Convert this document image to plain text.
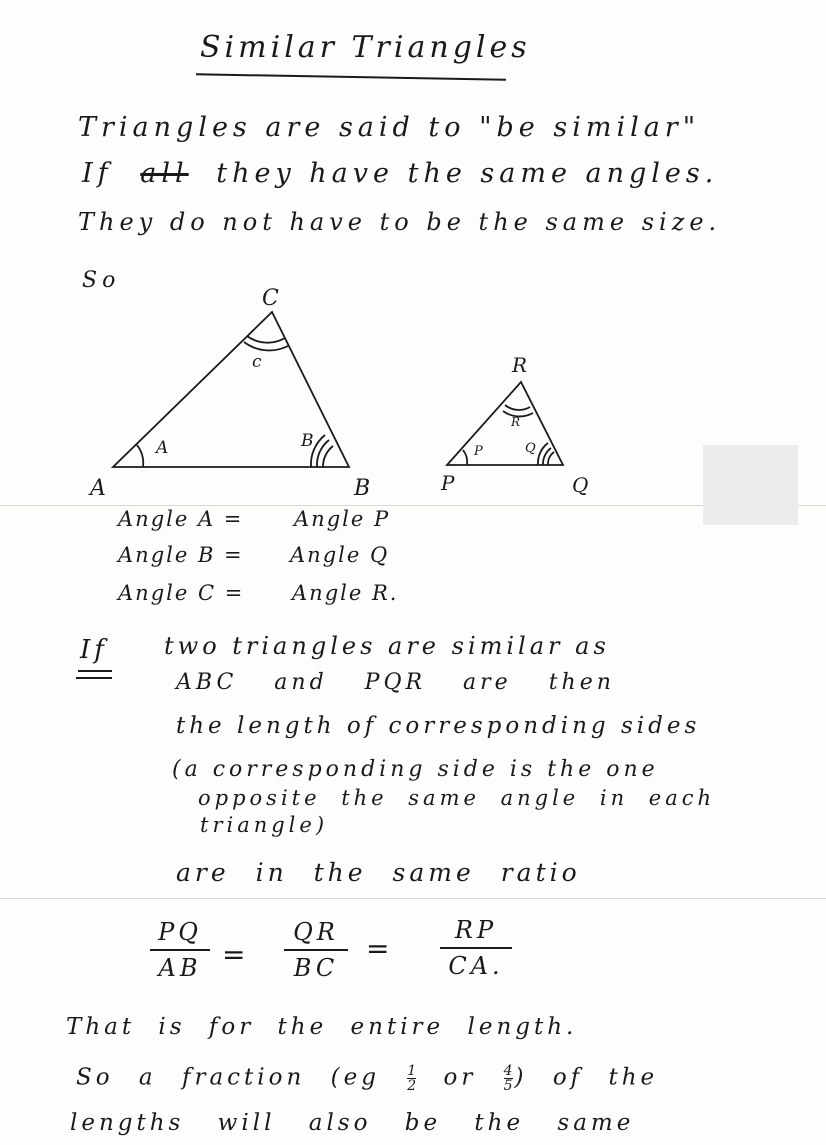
Similar Triangles
Triangles are said to "be similar"
If all they have the same angles.
They do not have to be the same size.
So
A	B
C
A	B
c
P	Q
R
P	Q
R
Angle A = Angle P
Angle B = Angle Q
Angle C = Angle R.
If two triangles are similar as
ABC and PQR are then
the length of corresponding sides
(a corresponding side is the one
opposite the same angle in each
triangle)
are in the same ratio
PQ
AB =
QR
BC
=
RP
CA.
That is for the entire length.
So a fraction ($eg \frac{1}{2}$ or $\frac{4}{5}$) of the
lengths will also be the same
